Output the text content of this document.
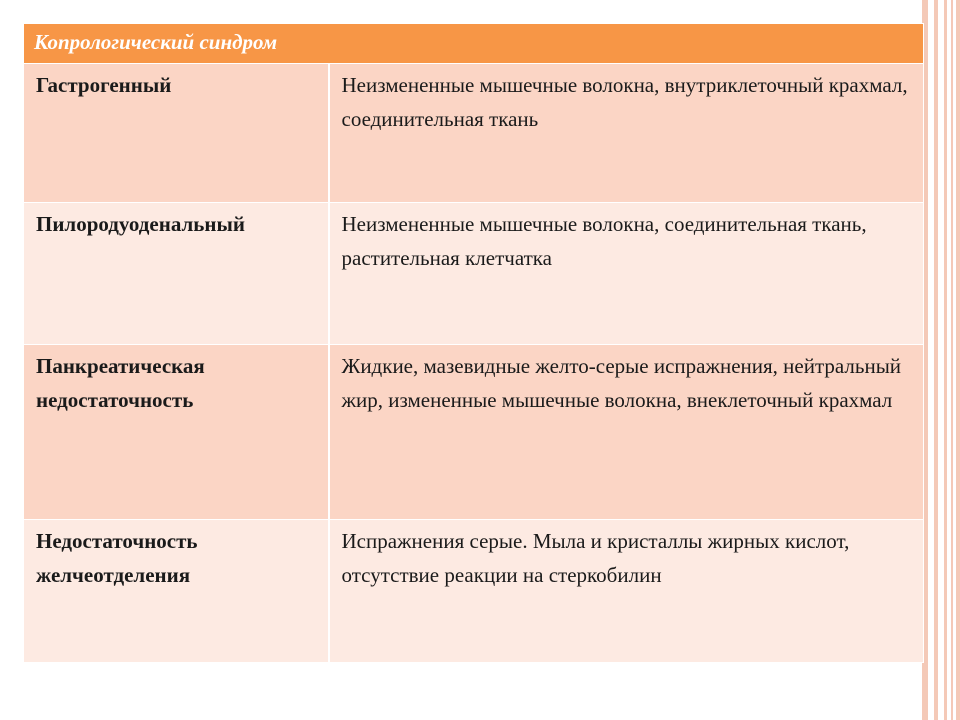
Копрологический синдром	
Гастрогенный	Неизмененные мышечные волокна, внутриклеточный крахмал, соединительная ткань
Пилородуоденальный	Неизмененные мышечные волокна, соединительная ткань, растительная клетчатка
Панкреатическая недостаточность	Жидкие, мазевидные желто-серые испражнения, нейтральный жир, измененные мышечные волокна, внеклеточный крахмал
Недостаточность желчеотделения	Испражнения серые. Мыла и кристаллы жирных кислот, отсутствие реакции на стеркобилин
